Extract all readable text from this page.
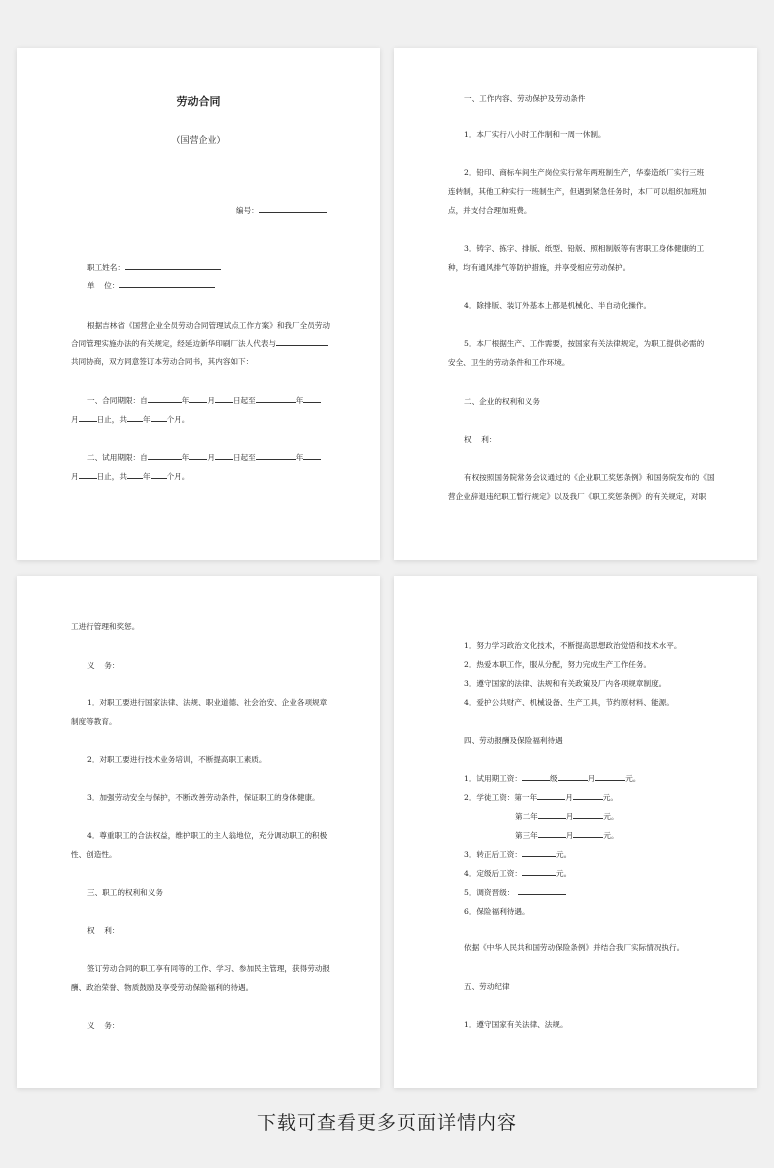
劳动合同
（国营企业）
编号：
职工姓名：
单    位：
根据吉林省《国营企业全员劳动合同管理试点工作方案》和我厂全员劳动
合同管理实施办法的有关规定，经延边新华印刷厂法人代表与
共同协商，双方同意签订本劳动合同书，其内容如下：
一、合同期限：自	年 月 日起至	年
月 日止，共 年 个月。
二、试用期限：自	年 月 日起至	年
月 日止，共 年 个月。
一、工作内容、劳动保护及劳动条件
1．本厂实行八小时工作制和一周一休制。
2．铅印、商标车间生产岗位实行常年两班制生产，华泰造纸厂实行三班
连转制，其他工种实行一班制生产，但遇到紧急任务时，本厂可以组织加班加
点，并支付合理加班费。
3．铸字、拣字、排版、纸型、铅版、照相制版等有害职工身体健康的工
种，均有通风排气等防护措施，并享受相应劳动保护。
4．除排版、装订外基本上都是机械化、半自动化操作。
5．本厂根据生产、工作需要，按国家有关法律规定，为职工提供必需的
安全、卫生的劳动条件和工作环境。
二、企业的权利和义务
权    利：
有权按照国务院常务会议通过的《企业职工奖惩条例》和国务院发布的《国
营企业辞退违纪职工暂行规定》以及我厂《职工奖惩条例》的有关规定，对职
工进行管理和奖惩。
义    务：
1．对职工要进行国家法律、法规、职业道德、社会治安、企业各项规章
制度等教育。
2．对职工要进行技术业务培训，不断提高职工素质。
3．加强劳动安全与保护，不断改善劳动条件，保证职工的身体健康。
4．尊重职工的合法权益，维护职工的主人翁地位，充分调动职工的积极
性、创造性。
三、职工的权利和义务
权    利：
签订劳动合同的职工享有同等的工作、学习、参加民主管理，获得劳动报
酬、政治荣誉、物质鼓励及享受劳动保险福利的待遇。
义    务：
1．努力学习政治文化技术，不断提高思想政治觉悟和技术水平。
2．热爱本职工作，服从分配，努力完成生产工作任务。
3．遵守国家的法律、法规和有关政策及厂内各项规章制度。
4．爱护公共财产、机械设备、生产工具，节约原材料、能源。
四、劳动报酬及保险福利待遇
1．试用期工资：	级	月	元。
2．学徒工资：第一年	月	元。
第二年	月	元。
第三年	月	元。
3．转正后工资：	元。
4．定级后工资：	元。
5．调资晋级：
6．保险福利待遇。
依据《中华人民共和国劳动保险条例》并结合我厂实际情况执行。
五、劳动纪律
1．遵守国家有关法律、法规。
下载可查看更多页面详情内容
